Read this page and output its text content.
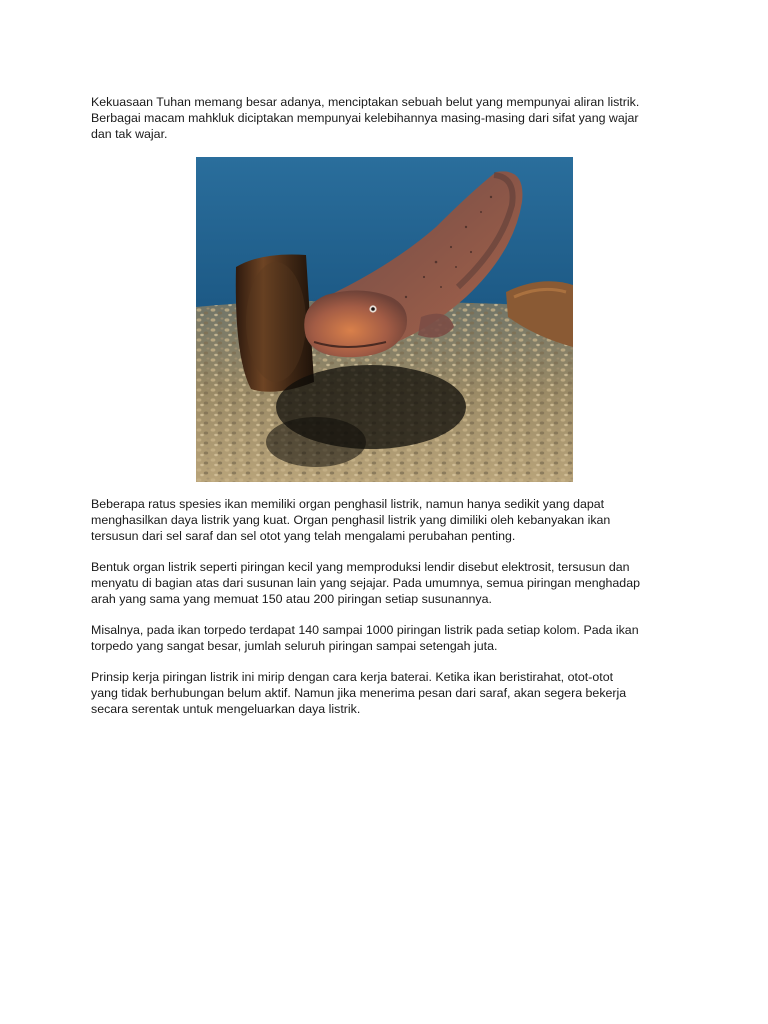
Kekuasaan Tuhan memang besar adanya, menciptakan sebuah belut yang mempunyai aliran listrik.
Berbagai macam mahkluk diciptakan mempunyai kelebihannya masing-masing dari sifat yang wajar
dan tak wajar.

Beberapa ratus spesies ikan memiliki organ penghasil listrik, namun hanya sedikit yang dapat
menghasilkan daya listrik yang kuat. Organ penghasil listrik yang dimiliki oleh kebanyakan ikan
tersusun dari sel saraf dan sel otot yang telah mengalami perubahan penting.

Bentuk organ listrik seperti piringan kecil yang memproduksi lendir disebut elektrosit, tersusun dan
menyatu di bagian atas dari susunan lain yang sejajar. Pada umumnya, semua piringan menghadap
arah yang sama yang memuat 150 atau 200 piringan setiap susunannya.

Misalnya, pada ikan torpedo terdapat 140 sampai 1000 piringan listrik pada setiap kolom. Pada ikan
torpedo yang sangat besar, jumlah seluruh piringan sampai setengah juta.

Prinsip kerja piringan listrik ini mirip dengan cara kerja baterai. Ketika ikan beristirahat, otot-otot
yang tidak berhubungan belum aktif. Namun jika menerima pesan dari saraf, akan segera bekerja
secara serentak untuk mengeluarkan daya listrik.
